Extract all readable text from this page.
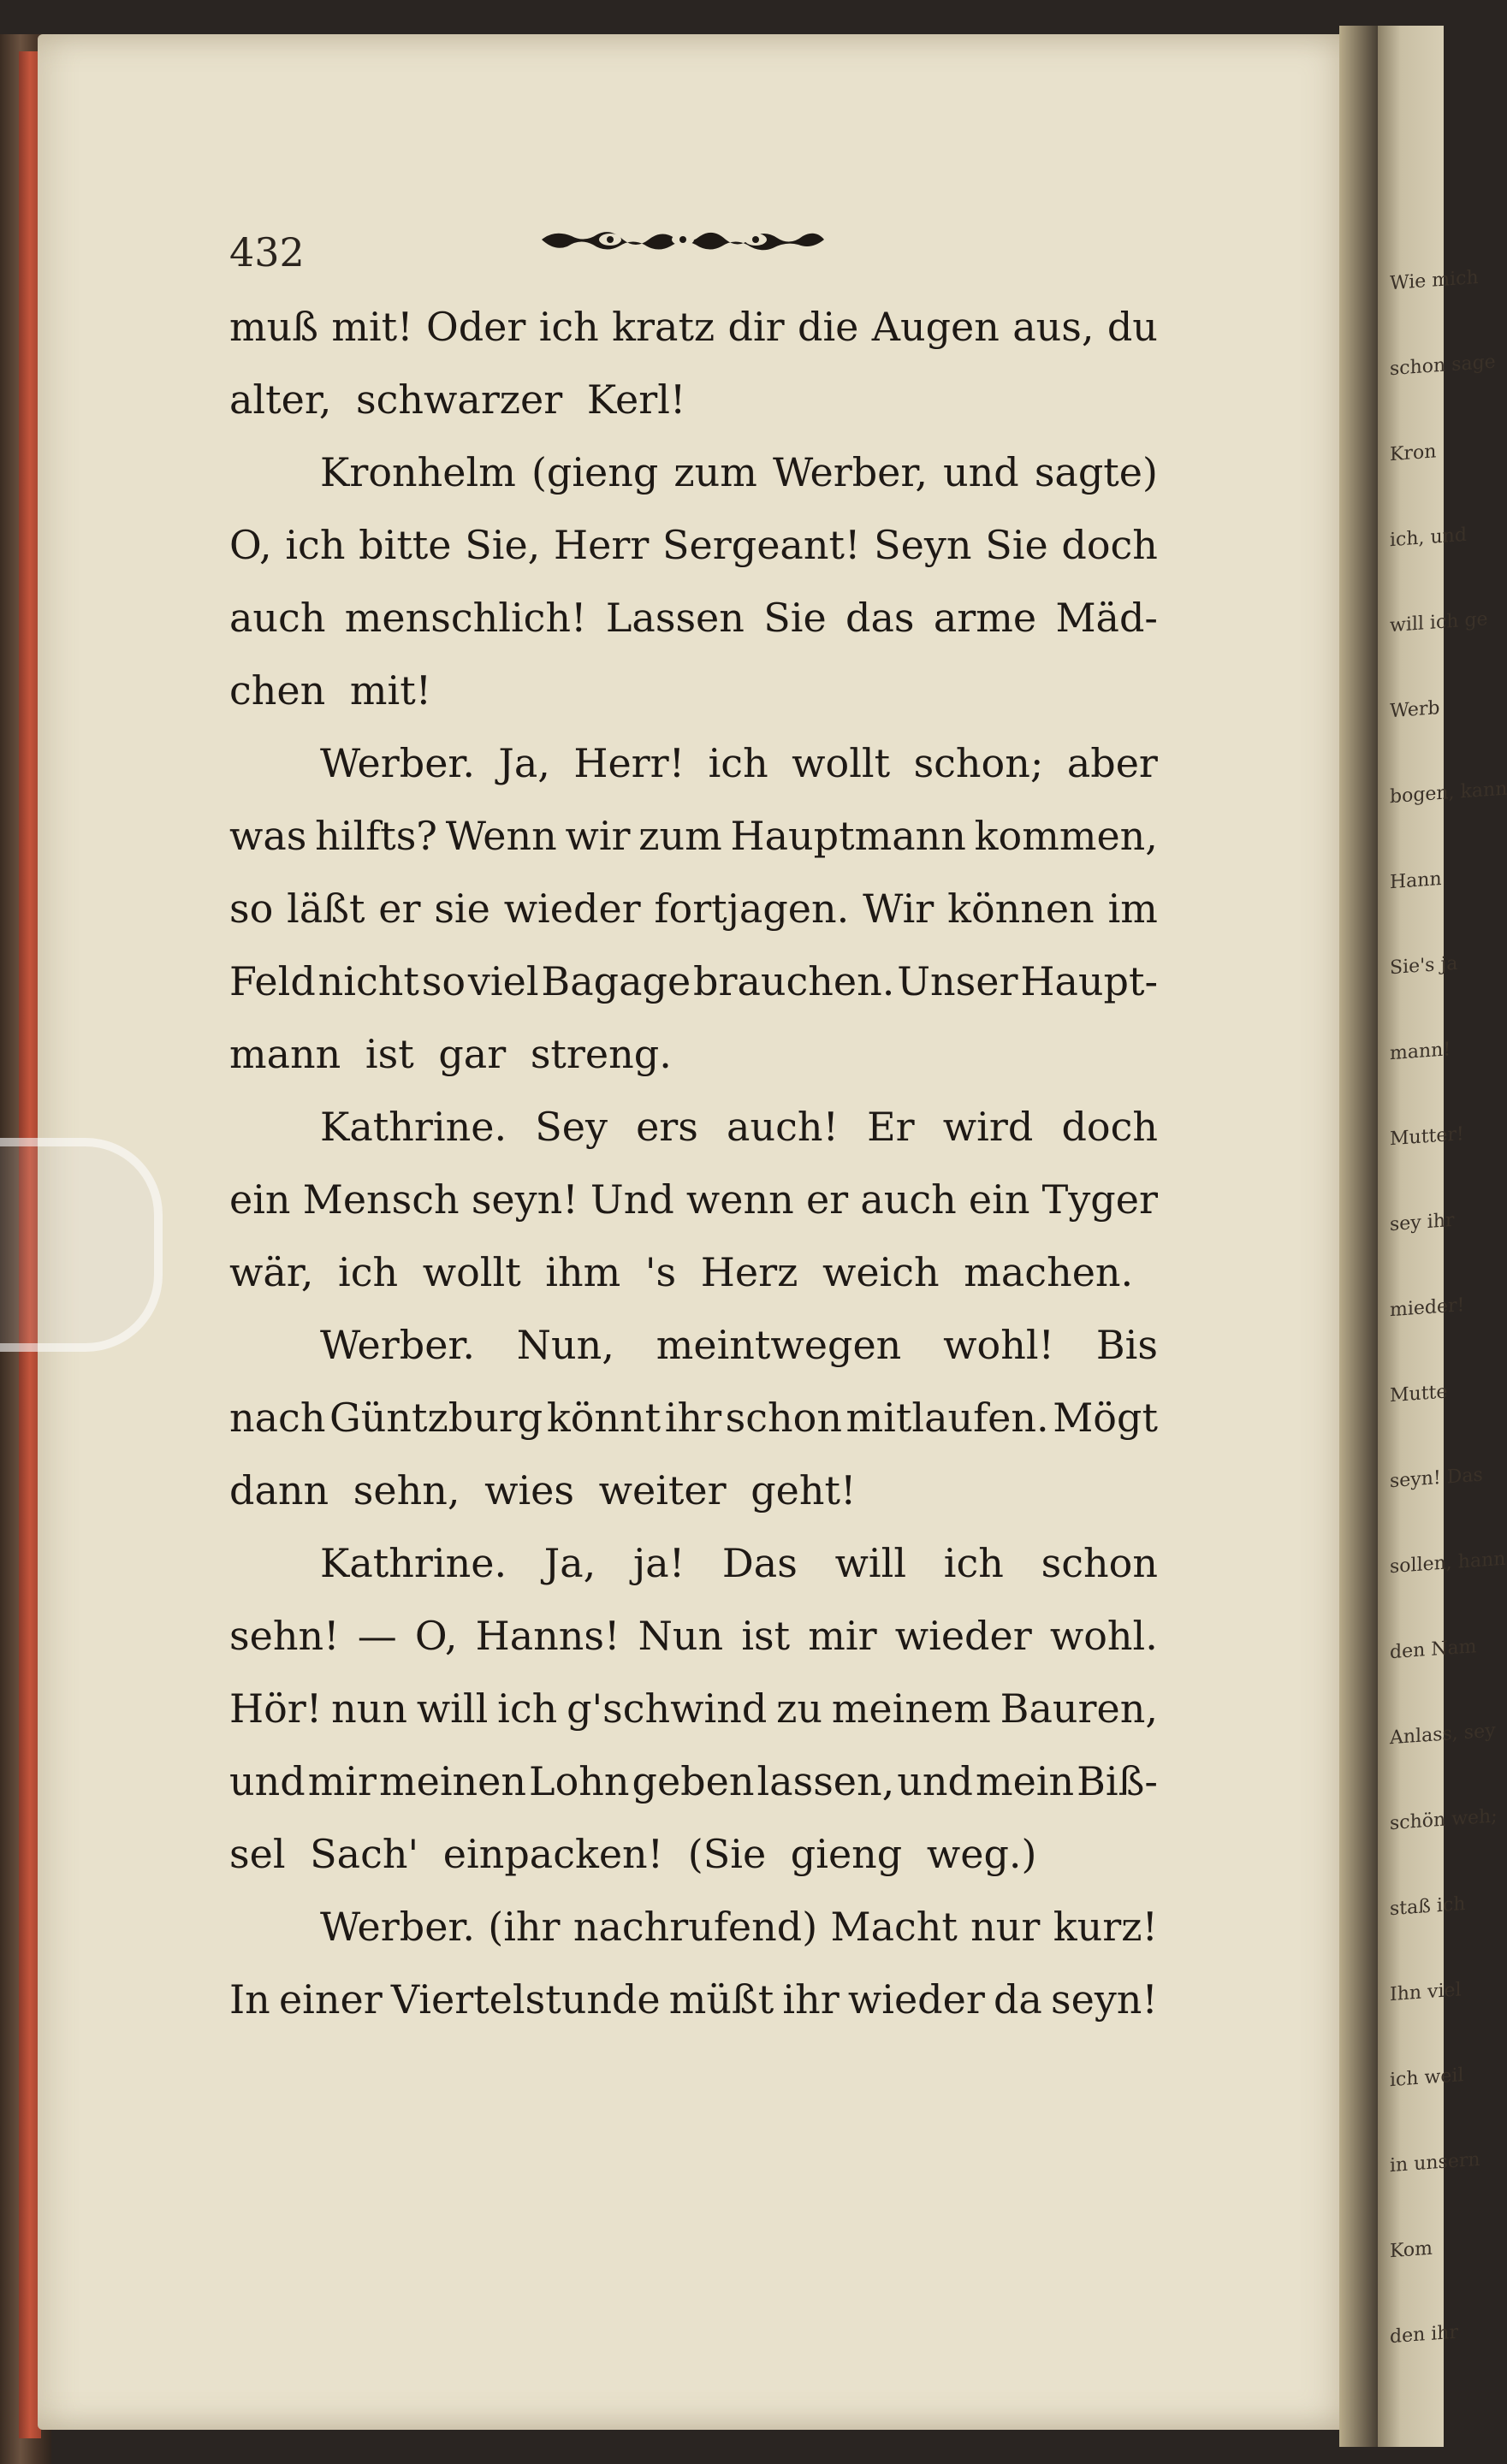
Wie mich
schon sage
Kron
ich, und
will ich ge
Werb
bogen, kann
Hann
Sie's ja
mann!
Mutter!
sey ihr
mieder!
Mutte
seyn! Das
sollen, hann
den Nam
Anlass, sey
schön weh;
staß ich
Ihn viel
ich weil
in unsern
Kom
den ihr
432
muß mit! Oder ich kratz dir die Augen aus, du
alter, schwarzer Kerl!
Kronhelm (gieng zum Werber, und sagte)
O, ich bitte Sie, Herr Sergeant! Seyn Sie doch
auch menschlich! Lassen Sie das arme Mäd-
chen mit!
Werber. Ja, Herr! ich wollt schon; aber
was hilfts? Wenn wir zum Hauptmann kommen,
so läßt er sie wieder fortjagen. Wir können im
Feld nicht so viel Bagage brauchen. Unser Haupt-
mann ist gar streng.
Kathrine. Sey ers auch! Er wird doch
ein Mensch seyn! Und wenn er auch ein Tyger
wär, ich wollt ihm 's Herz weich machen.
Werber. Nun, meintwegen wohl! Bis
nach Güntzburg könnt ihr schon mitlaufen. Mögt
dann sehn, wies weiter geht!
Kathrine. Ja, ja! Das will ich schon
sehn! — O, Hanns! Nun ist mir wieder wohl.
Hör! nun will ich g'schwind zu meinem Bauren,
und mir meinen Lohn geben lassen, und mein Biß-
sel Sach' einpacken! (Sie gieng weg.)
Werber. (ihr nachrufend) Macht nur kurz!
In einer Viertelstunde müßt ihr wieder da seyn!
